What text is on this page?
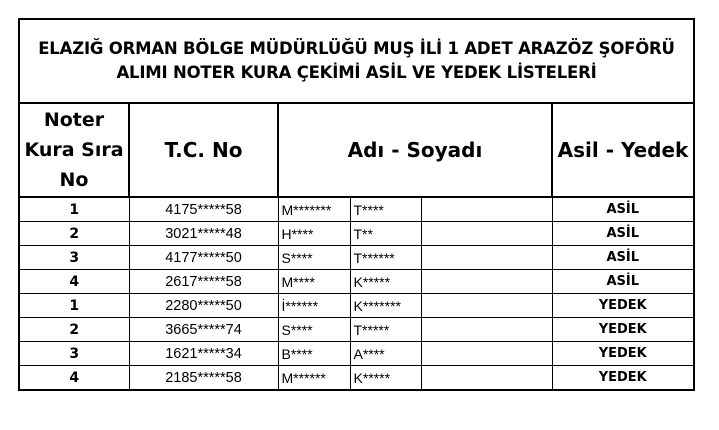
ELAZIĞ ORMAN BÖLGE MÜDÜRLÜĞÜ MUŞ İLİ 1 ADET ARAZÖZ ŞOFÖRÜ
ALIMI NOTER KURA ÇEKİMİ ASİL VE YEDEK LİSTELERİ					

Noter
Kura Sıra
No	T.C. No	Adı - Soyadı			Asil - Yedek
1	4175*****58	M*******	T****		ASİL
2	3021*****48	H****	T**		ASİL
3	4177*****50	S****	T******		ASİL
4	2617*****58	M****	K*****		ASİL
1	2280*****50	İ******	K*******		YEDEK
2	3665*****74	S****	T*****		YEDEK
3	1621*****34	B****	A****		YEDEK
4	2185*****58	M******	K*****		YEDEK
